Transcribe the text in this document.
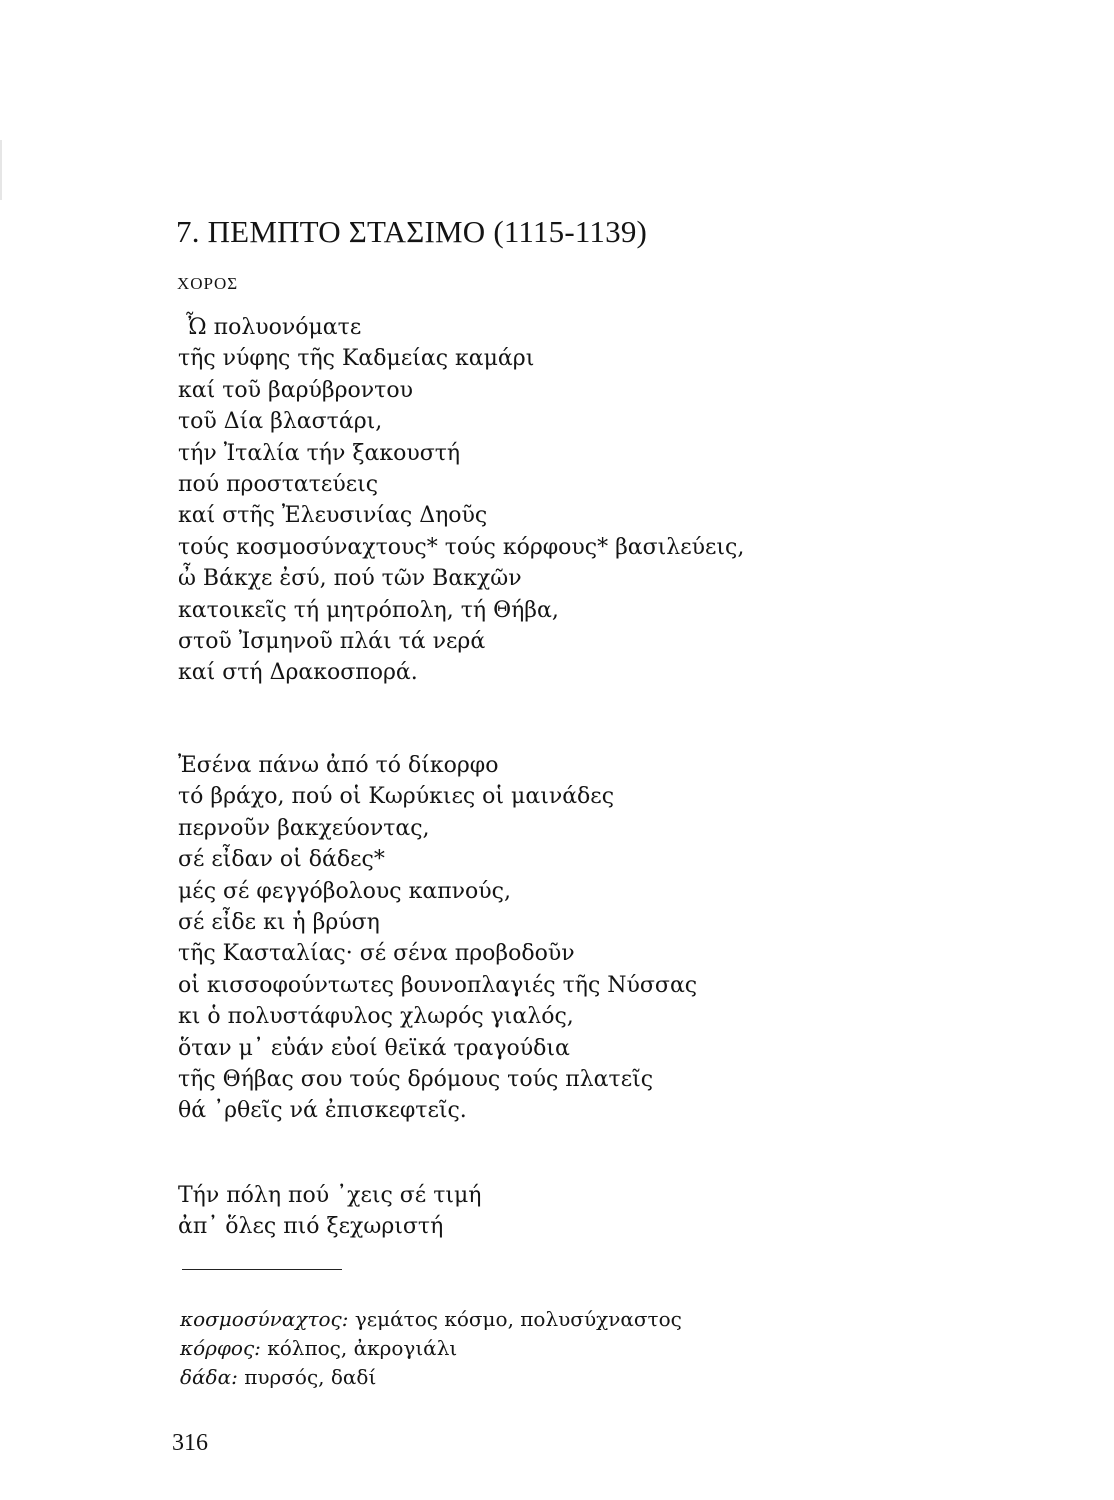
7. ΠΕΜΠΤΟ ΣΤΑΣΙΜΟ (1115-1139)
ΧΟΡΟΣ
Ὦ πολυονόματε
τῆς νύφης τῆς Καδμείας καμάρι
καί τοῦ βαρύβροντου
τοῦ Δία βλαστάρι,
τήν Ἰταλία τήν ξακουστή
πού προστατεύεις
καί στῆς Ἐλευσινίας Δηοῦς
τούς κοσμοσύναχτους* τούς κόρφους* βασιλεύεις,
ὦ Βάκχε ἐσύ, πού τῶν Βακχῶν
κατοικεῖς τή μητρόπολη, τή Θήβα,
στοῦ Ἰσμηνοῦ πλάι τά νερά
καί στή Δρακοσπορά.
Ἐσένα πάνω ἀπό τό δίκορφο
τό βράχο, πού οἱ Κωρύκιες οἱ μαινάδες
περνοῦν βακχεύοντας,
σέ εἶδαν οἱ δάδες*
μές σέ φεγγόβολους καπνούς,
σέ εἶδε κι ἡ βρύση
τῆς Κασταλίας· σέ σένα προβοδοῦν
οἱ κισσοφούντωτες βουνοπλαγιές τῆς Νύσσας
κι ὁ πολυστάφυλος χλωρός γιαλός,
ὅταν μ᾿ εὐάν εὐοί θεϊκά τραγούδια
τῆς Θήβας σου τούς δρόμους τούς πλατεῖς
θά ᾿ρθεῖς νά ἐπισκεφτεῖς.
Τήν πόλη πού ᾿χεις σέ τιμή
ἀπ᾿ ὅλες πιό ξεχωριστή
κοσμοσύναχτος: γεμάτος κόσμο, πολυσύχναστος
κόρφος: κόλπος, ἀκρογιάλι
δάδα: πυρσός, δαδί
316
